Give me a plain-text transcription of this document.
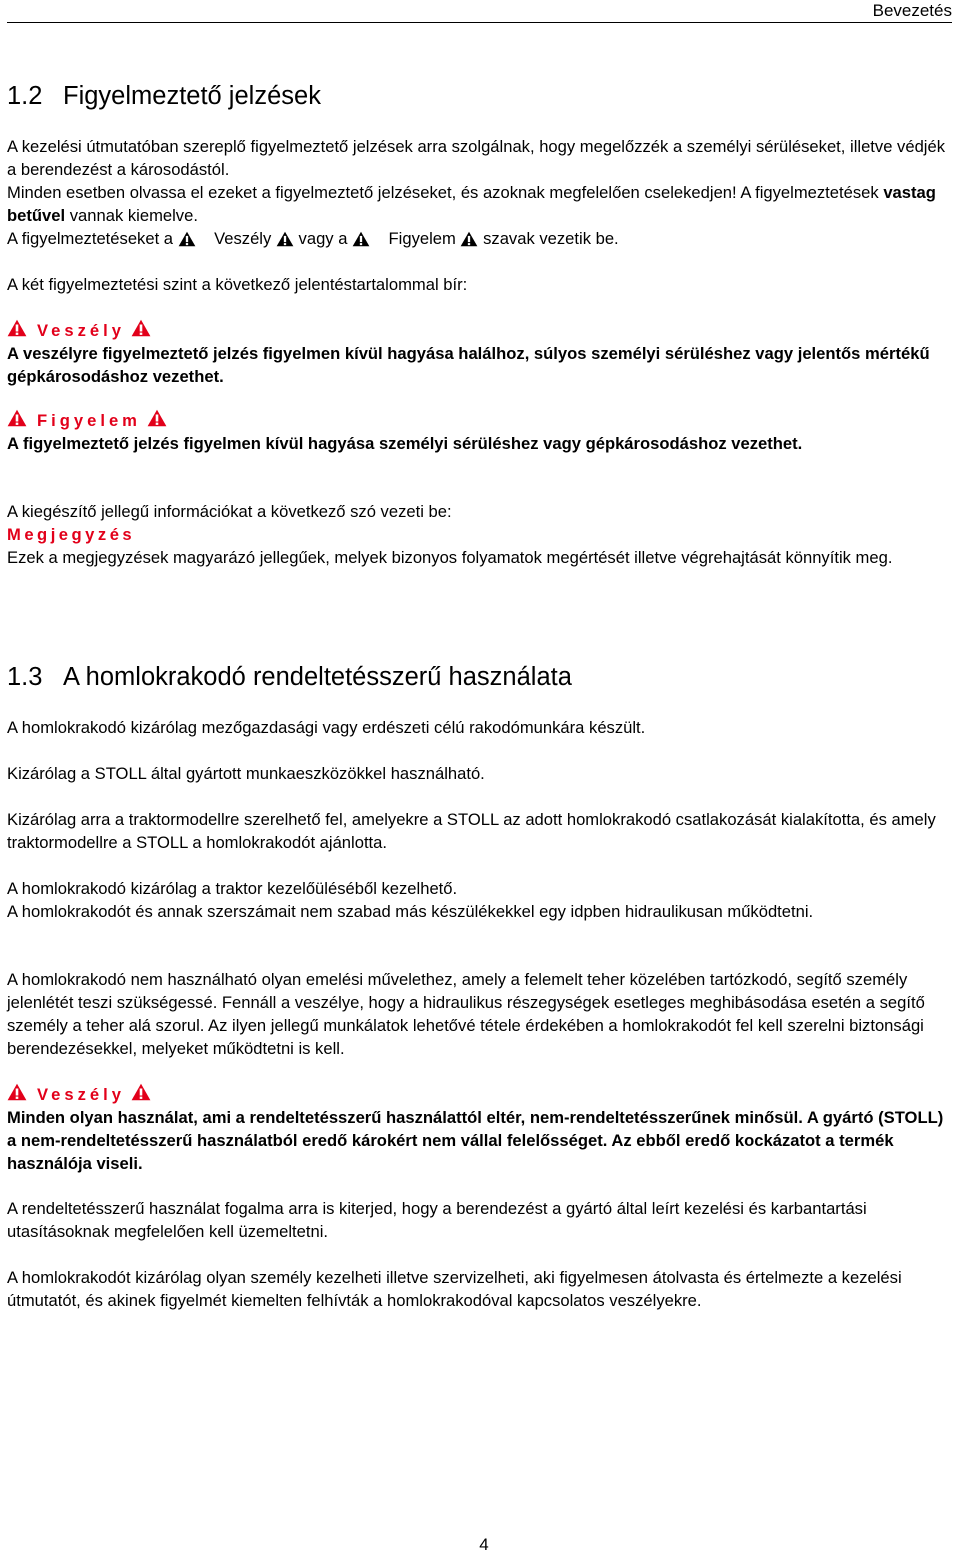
Bevezetés
1.2 Figyelmeztető jelzések

A kezelési útmutatóban szereplő figyelmeztető jelzések arra szolgálnak, hogy megelőzzék a személyi sérüléseket, illetve védjék a berendezést a károsodástól.

Minden esetben olvassa el ezeket a figyelmeztető jelzéseket, és azoknak megfelelően cselekedjen! A figyelmeztetések vastag betűvel vannak kiemelve.

A figyelmeztetéseket a Veszély vagy a Figyelem szavak vezetik be.

A két figyelmeztetési szint a következő jelentéstartalommal bír:

Veszély

A veszélyre figyelmeztető jelzés figyelmen kívül hagyása halálhoz, súlyos személyi sérüléshez vagy jelentős mértékű gépkárosodáshoz vezethet.

Figyelem

A figyelmeztető jelzés figyelmen kívül hagyása személyi sérüléshez vagy gépkárosodáshoz vezethet.

A kiegészítő jellegű információkat a következő szó vezeti be:

Megjegyzés

Ezek a megjegyzések magyarázó jellegűek, melyek bizonyos folyamatok megértését illetve végrehajtását könnyítik meg.

1.3 A homlokrakodó rendeltetésszerű használata

A homlokrakodó kizárólag mezőgazdasági vagy erdészeti célú rakodómunkára készült.

Kizárólag a STOLL által gyártott munkaeszközökkel használható.

Kizárólag arra a traktormodellre szerelhető fel, amelyekre a STOLL az adott homlokrakodó csatlakozását kialakította, és amely traktormodellre a STOLL a homlokrakodót ajánlotta.

A homlokrakodó kizárólag a traktor kezelőüléséből kezelhető.

A homlokrakodót és annak szerszámait nem szabad más készülékekkel egy idpben hidraulikusan működtetni.

A homlokrakodó nem használható olyan emelési művelethez, amely a felemelt teher közelében tartózkodó, segítő személy jelenlétét teszi szükségessé. Fennáll a veszélye, hogy a hidraulikus részegységek esetleges meghibásodása esetén a segítő személy a teher alá szorul. Az ilyen jellegű munkálatok lehetővé tétele érdekében a homlokrakodót fel kell szerelni biztonsági berendezésekkel, melyeket működtetni is kell.

Veszély

Minden olyan használat, ami a rendeltetésszerű használattól eltér, nem-rendeltetésszerűnek minősül. A gyártó (STOLL) a nem-rendeltetésszerű használatból eredő károkért nem vállal felelősséget. Az ebből eredő kockázatot a termék használója viseli.

A rendeltetésszerű használat fogalma arra is kiterjed, hogy a berendezést a gyártó által leírt kezelési és karbantartási utasításoknak megfelelően kell üzemeltetni.

A homlokrakodót kizárólag olyan személy kezelheti illetve szervizelheti, aki figyelmesen átolvasta és értelmezte a kezelési útmutatót, és akinek figyelmét kiemelten felhívták a homlokrakodóval kapcsolatos veszélyekre.

4
